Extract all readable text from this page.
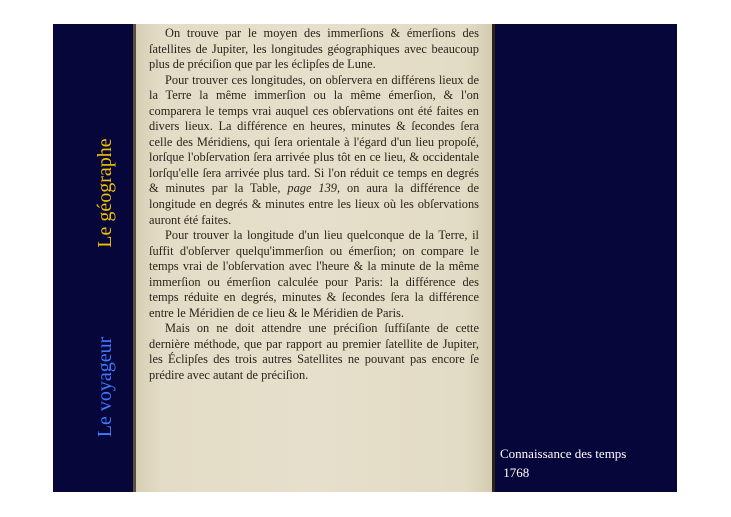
Le géographe
Le voyageur

On trouve par le moyen des immerſions & émerſions des ſatellites de Jupiter, les longitudes géographiques avec beaucoup plus de préciſion que par les éclipſes de Lune.

Pour trouver ces longitudes, on obſervera en différens lieux de la Terre la même immerſion ou la même émerſion, & l'on comparera le temps vrai auquel ces obſervations ont été faites en divers lieux. La différence en heures, minutes & ſecondes ſera celle des Méridiens, qui ſera orientale à l'égard d'un lieu propoſé, lorſque l'obſervation ſera arrivée plus tôt en ce lieu, & occidentale lorſqu'elle ſera arrivée plus tard. Si l'on réduit ce temps en degrés & minutes par la Table, page 139, on aura la différence de longitude en degrés & minutes entre les lieux où les obſervations auront été faites.

Pour trouver la longitude d'un lieu quelconque de la Terre, il ſuffit d'obſerver quelqu'immerſion ou émerſion; on compare le temps vrai de l'obſervation avec l'heure & la minute de la même immerſion ou émerſion calculée pour Paris: la différence des temps réduite en degrés, minutes & ſecondes ſera la différence entre le Méridien de ce lieu & le Méridien de Paris.

Mais on ne doit attendre une préciſion ſuffiſante de cette dernière méthode, que par rapport au premier ſatellite de Jupiter, les Éclipſes des trois autres Satellites ne pouvant pas encore ſe prédire avec autant de préciſion.

Connaissance des temps
1768
